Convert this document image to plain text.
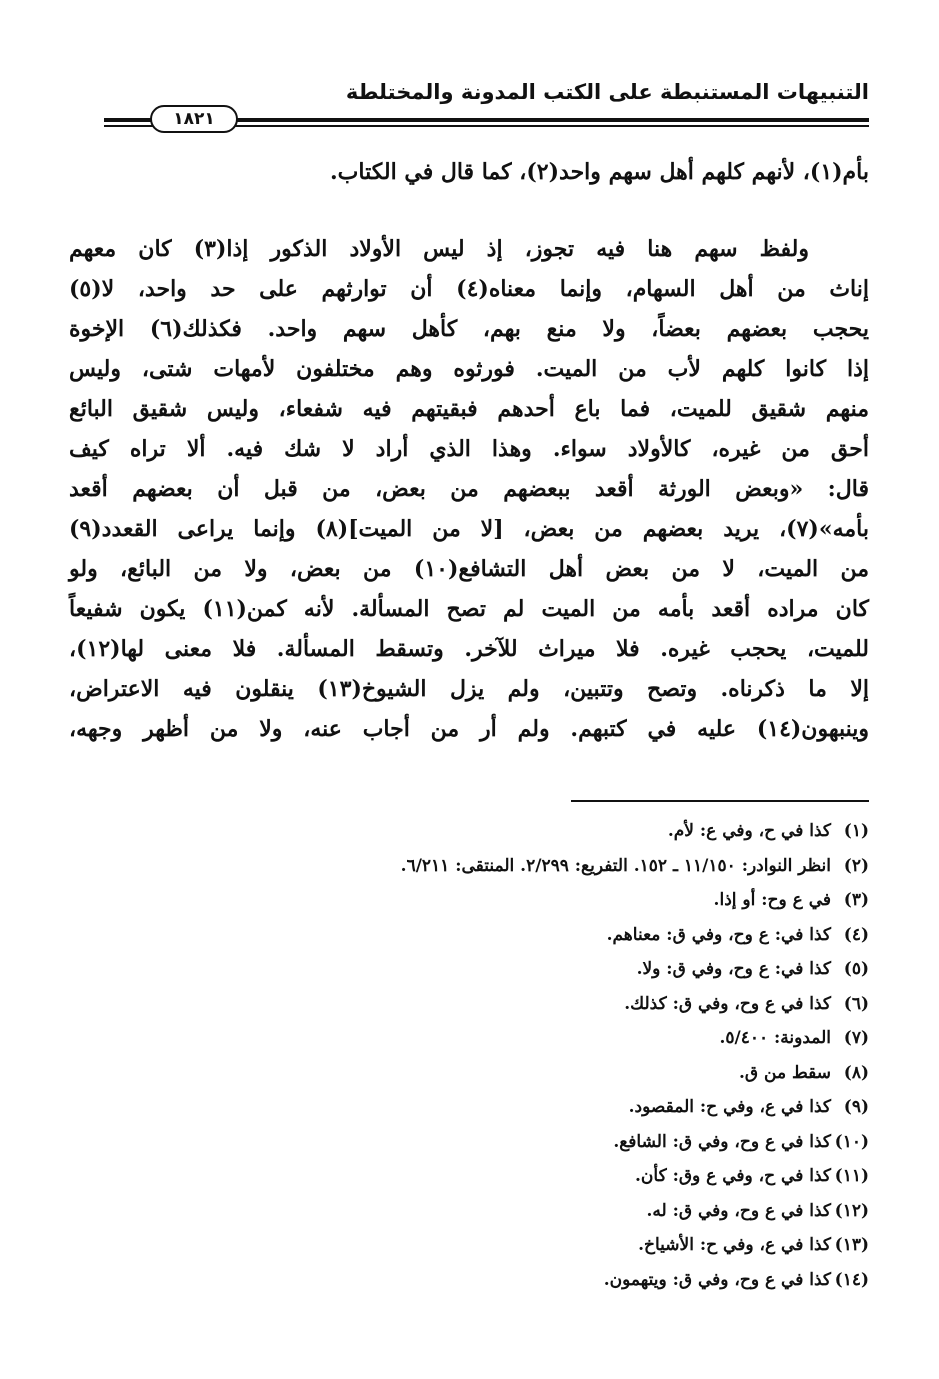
التنبيهات المستنبطة على الكتب المدونة والمختلطة
١٨٢١
بأم(١)، لأنهم كلهم أهل سهم واحد(٢)، كما قال في الكتاب.
ولفظ سهم هنا فيه تجوز، إذ ليس الأولاد الذكور إذا(٣) كان معهم
إناث من أهل السهام، وإنما معناه(٤) أن توارثهم على حد واحد، لا(٥)
يحجب بعضهم بعضاً، ولا منع بهم، كأهل سهم واحد. فكذلك(٦) الإخوة
إذا كانوا كلهم لأب من الميت. فورثوه وهم مختلفون لأمهات شتى، وليس
منهم شقيق للميت، فما باع أحدهم فبقيتهم فيه شفعاء، وليس شقيق البائع
أحق من غيره، كالأولاد سواء. وهذا الذي أراد لا شك فيه. ألا تراه كيف
قال: «وبعض الورثة أقعد ببعضهم من بعض، من قبل أن بعضهم أقعد
بأمه»(٧)، يريد بعضهم من بعض، [لا من الميت](٨) وإنما يراعى القعدد(٩)
من الميت، لا من بعض أهل التشافع(١٠) من بعض، ولا من البائع، ولو
كان مراده أقعد بأمه من الميت لم تصح المسألة. لأنه كمن(١١) يكون شفيعاً
للميت، يحجب غيره. فلا ميراث للآخر. وتسقط المسألة. فلا معنى لها(١٢)،
إلا ما ذكرناه. وتصح وتتبين، ولم يزل الشيوخ(١٣) ينقلون فيه الاعتراض،
وينبهون(١٤) عليه في كتبهم. ولم أر من أجاب عنه، ولا من أظهر وجهه،
(١)كذا في ح، وفي ع: لأم.
(٢)انظر النوادر: ١١/١٥٠ ـ ١٥٢. التفريع: ٢/٢٩٩. المنتقى: ٦/٢١١.
(٣)في ع وح: أو إذا.
(٤)كذا في: ع وح، وفي ق: معناهم.
(٥)كذا في: ع وح، وفي ق: ولا.
(٦)كذا في ع وح، وفي ق: كذلك.
(٧)المدونة: ٥/٤٠٠.
(٨)سقط من ق.
(٩)كذا في ع، وفي ح: المقصود.
(١٠)كذا في ع وح، وفي ق: الشافع.
(١١)كذا في ح، وفي ع وق: كأن.
(١٢)كذا في ع وح، وفي ق: له.
(١٣)كذا في ع، وفي ح: الأشياخ.
(١٤)كذا في ع وح، وفي ق: ويتهمون.
